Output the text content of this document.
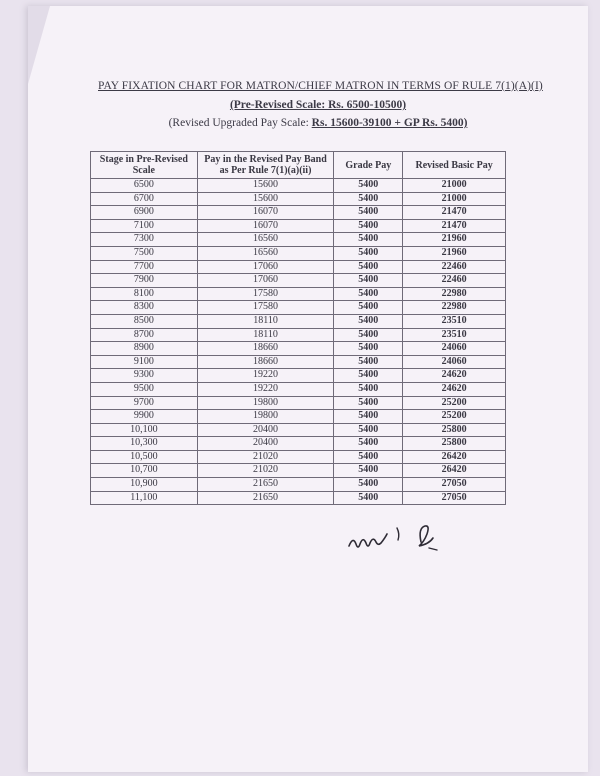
PAY FIXATION CHART FOR MATRON/CHIEF MATRON IN TERMS OF RULE 7(1)(A)(I)
(Pre-Revised Scale: Rs. 6500-10500)
(Revised Upgraded Pay Scale: Rs. 15600-39100 + GP Rs. 5400)
Stage in Pre-Revised Scale	Pay in the Revised Pay Band as Per Rule 7(1)(a)(ii)	Grade Pay	Revised Basic Pay
6500	15600	5400	21000
6700	15600	5400	21000
6900	16070	5400	21470
7100	16070	5400	21470
7300	16560	5400	21960
7500	16560	5400	21960
7700	17060	5400	22460
7900	17060	5400	22460
8100	17580	5400	22980
8300	17580	5400	22980
8500	18110	5400	23510
8700	18110	5400	23510
8900	18660	5400	24060
9100	18660	5400	24060
9300	19220	5400	24620
9500	19220	5400	24620
9700	19800	5400	25200
9900	19800	5400	25200
10,100	20400	5400	25800
10,300	20400	5400	25800
10,500	21020	5400	26420
10,700	21020	5400	26420
10,900	21650	5400	27050
11,100	21650	5400	27050
